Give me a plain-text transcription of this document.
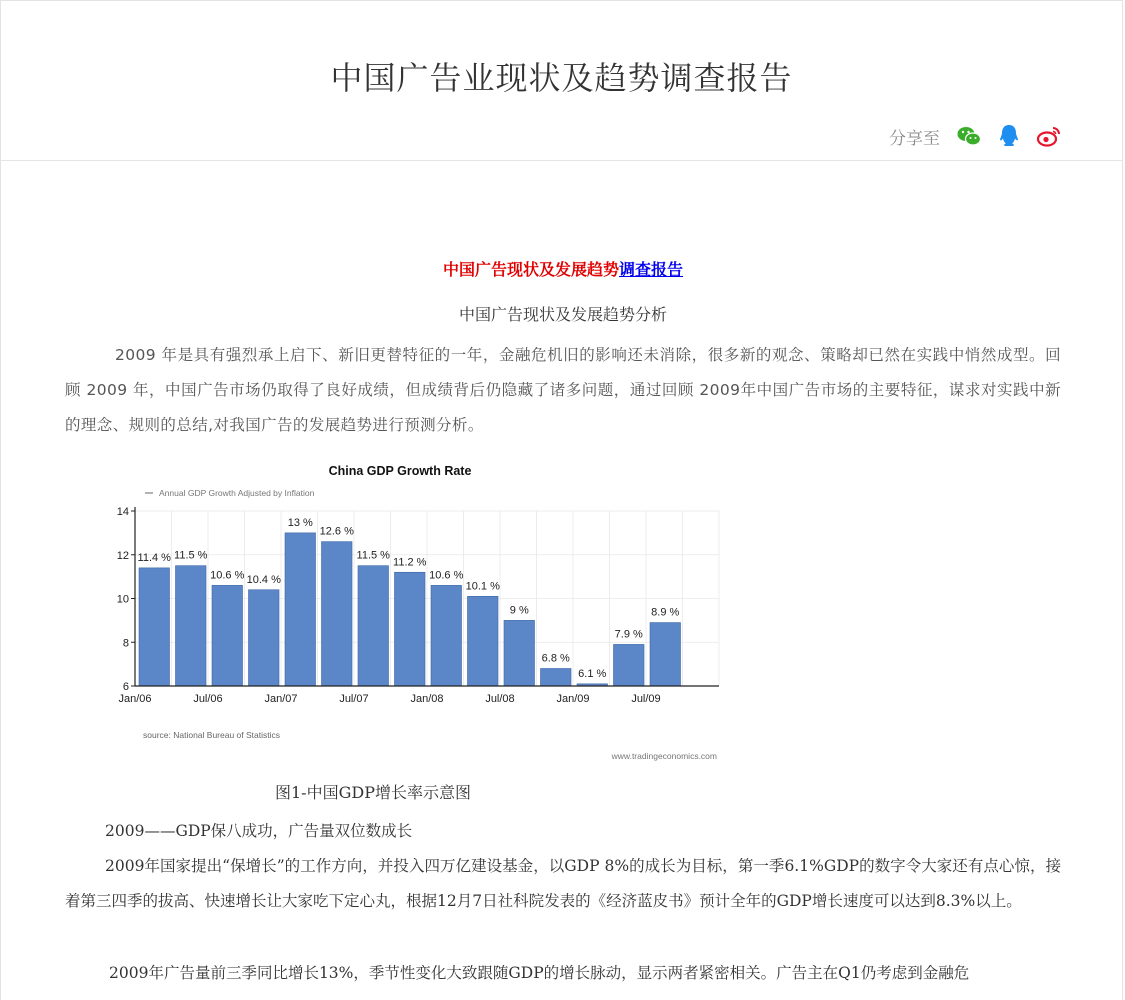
中国广告业现状及趋势调查报告
分享至
中国广告现状及发展趋势调查报告
中国广告现状及发展趋势分析
2009 年是具有强烈承上启下、新旧更替特征的一年，金融危机旧的影响还未消除，很多新的观念、策略却已然在实践中悄然成型。回顾 2009 年，中国广告市场仍取得了良好成绩，但成绩背后仍隐藏了诸多问题，通过回顾 2009年中国广告市场的主要特征，谋求对实践中新的理念、规则的总结,对我国广告的发展趋势进行预测分析。
China GDP Growth Rate
Annual GDP Growth Adjusted by Inflation
source: National Bureau of Statistics
www.tradingeconomics.com
11.4 % 11.5 %
10.6 % 10.4 %
13 %
12.6 %
11.5 %
11.2 %
10.6 %
10.1 %
9 %
6.8 %
6.1 %
7.9 %
8.9 %
6
8
10
12
14
Jan/06	Jul/06	Jan/07	Jul/07	Jan/08	Jul/08	Jan/09	Jul/09
图1-中国GDP增长率示意图
2009——GDP保八成功，广告量双位数成长
2009年国家提出“保增长”的工作方向，并投入四万亿建设基金，以GDP 8%的成长为目标，第一季6.1%GDP的数字令大家还有点心惊，接着第三四季的拔高、快速增长让大家吃下定心丸，根据12月7日社科院发表的《经济蓝皮书》预计全年的GDP增长速度可以达到8.3%以上。
2009年广告量前三季同比增长13%，季节性变化大致跟随GDP的增长脉动，显示两者紧密相关。广告主在Q1仍考虑到金融危
